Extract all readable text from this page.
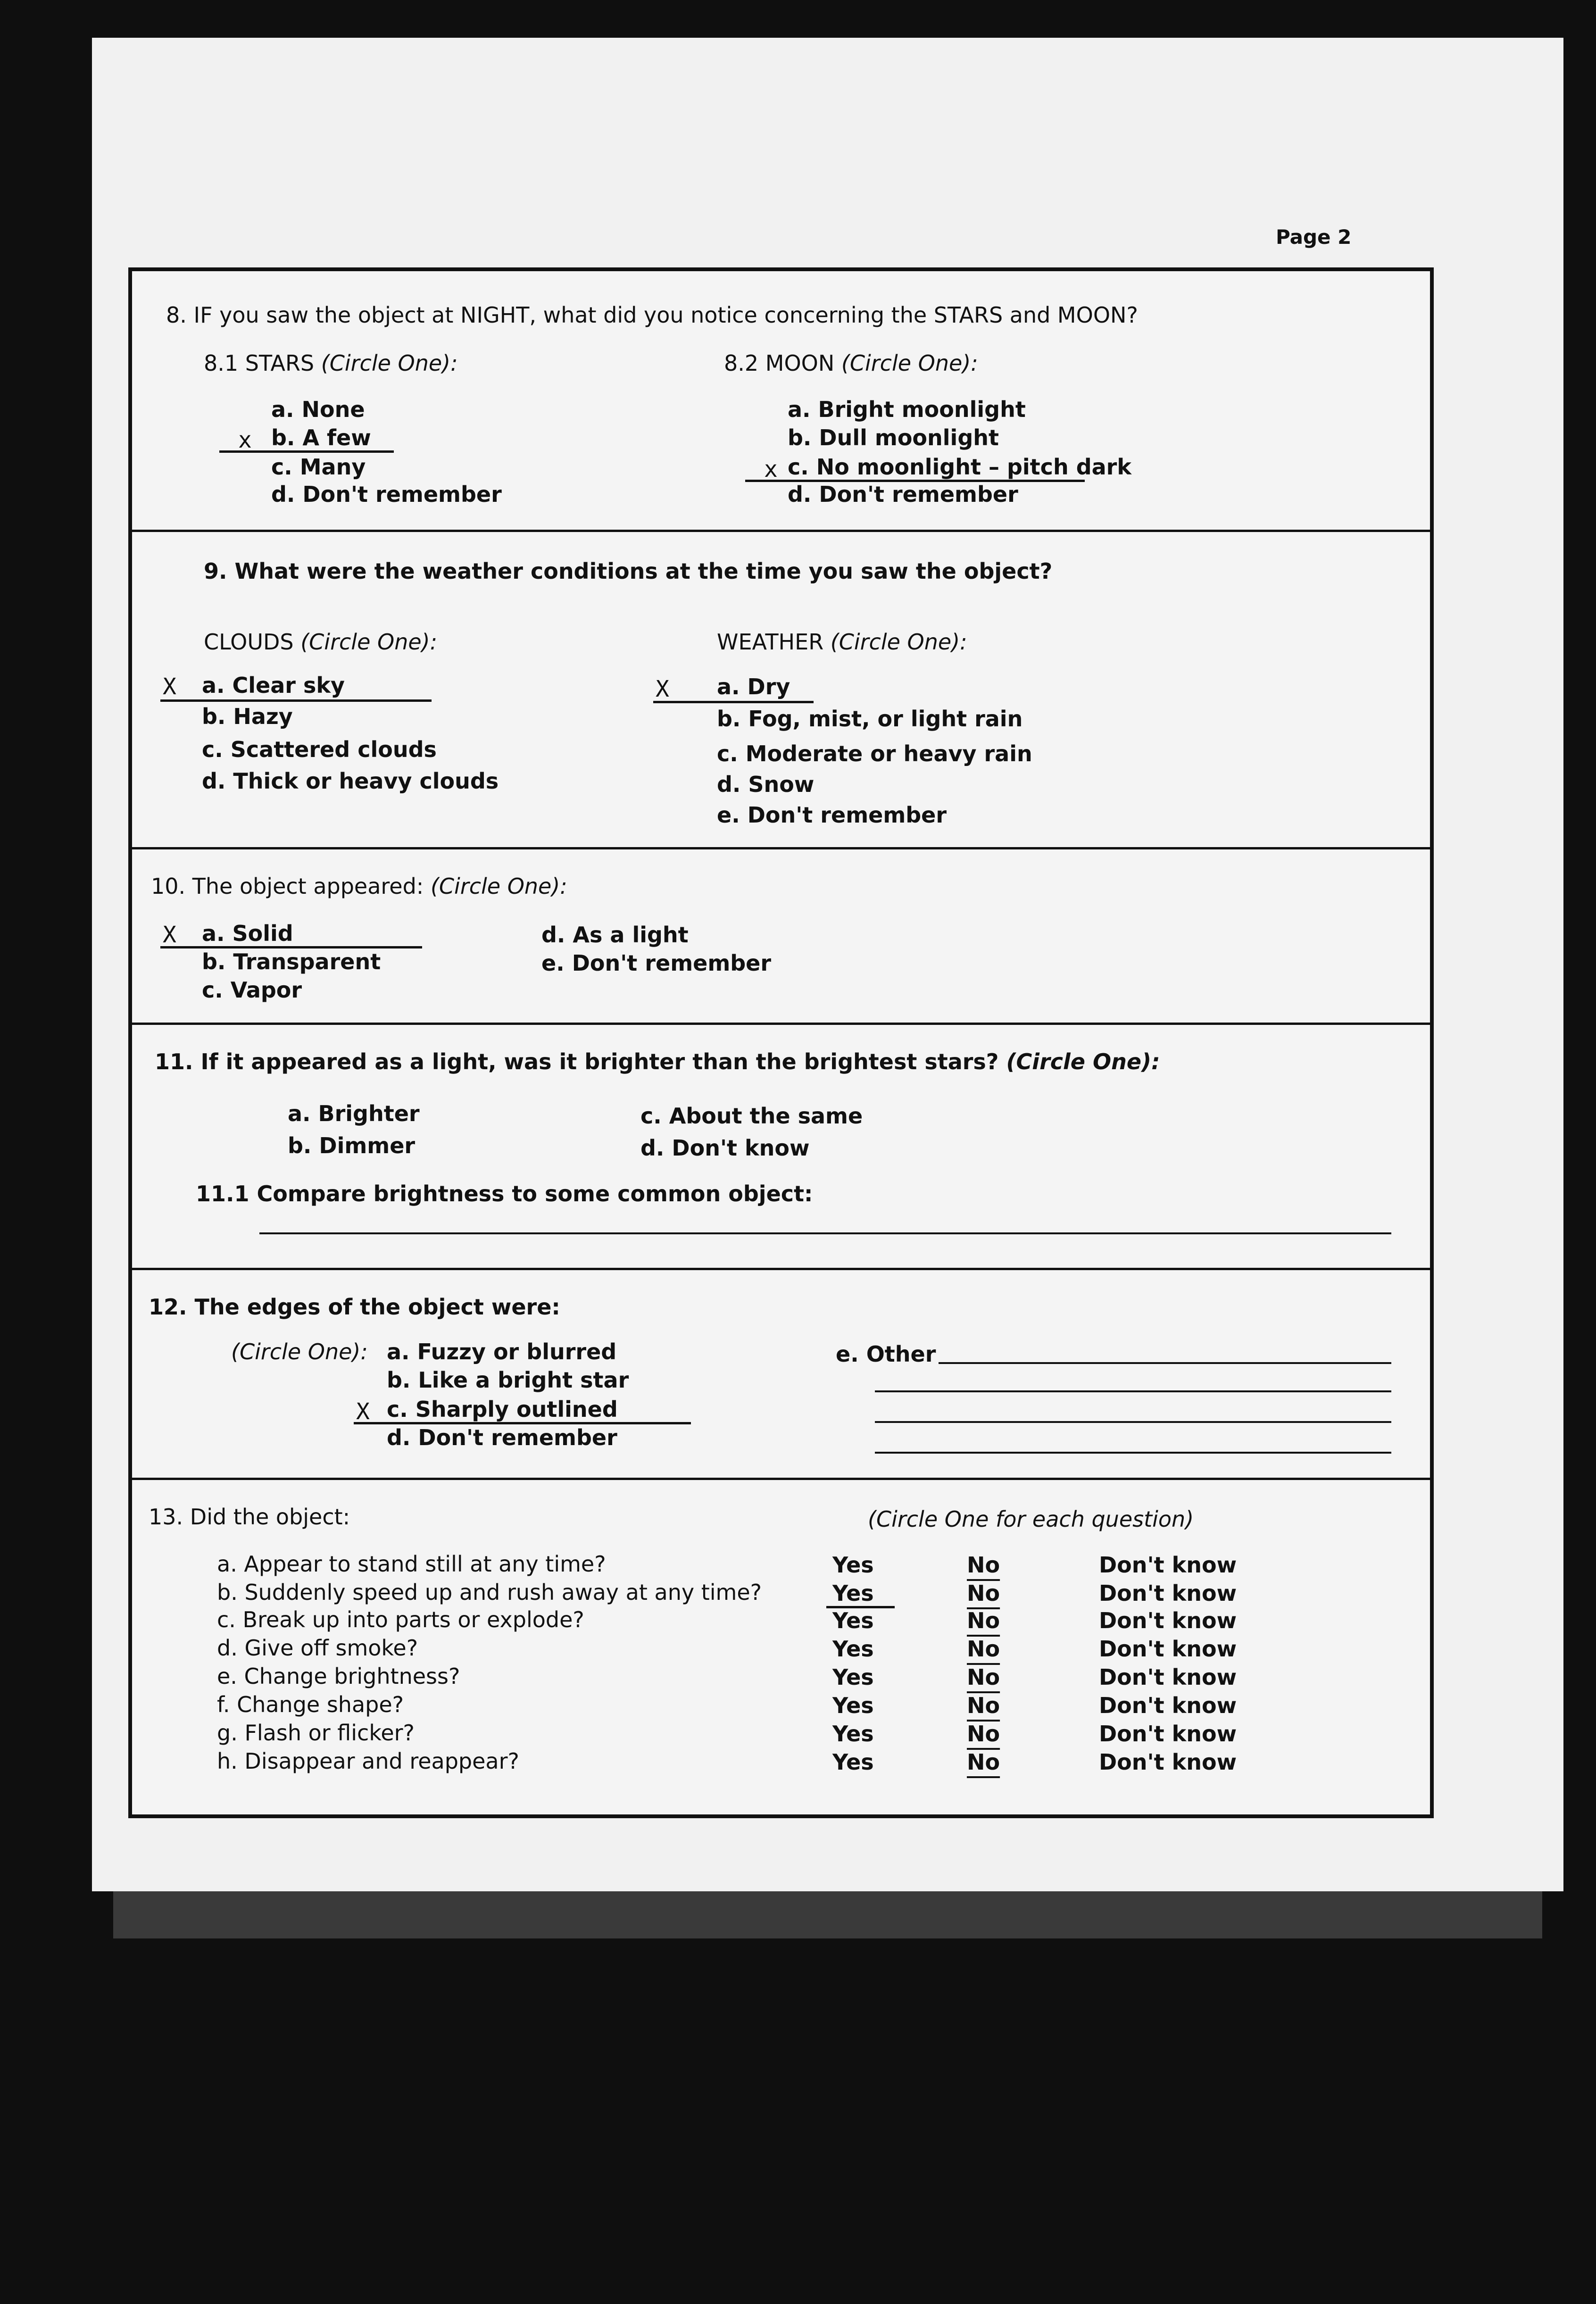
Page 2
8. IF you saw the object at NIGHT, what did you notice concerning the STARS and MOON?
8.1 STARS (Circle One):
a. None
b. A few
c. Many
d. Don't remember
x
8.2 MOON (Circle One):
a. Bright moonlight
b. Dull moonlight
c. No moonlight – pitch dark
d. Don't remember
x
9. What were the weather conditions at the time you saw the object?
CLOUDS (Circle One):
a. Clear sky
b. Hazy
c. Scattered clouds
d. Thick or heavy clouds
X
WEATHER (Circle One):
a. Dry
b. Fog, mist, or light rain
c. Moderate or heavy rain
d. Snow
e. Don't remember
X
10. The object appeared: (Circle One):
a. Solid
b. Transparent
c. Vapor
d. As a light
e. Don't remember
X
11. If it appeared as a light, was it brighter than the brightest stars? (Circle One):
a. Brighter
b. Dimmer
c. About the same
d. Don't know
11.1 Compare brightness to some common object:
12. The edges of the object were:
(Circle One): a. Fuzzy or blurred
b. Like a bright star
c. Sharply outlined
d. Don't remember
X
e. Other
13. Did the object:	(Circle One for each question)
a. Appear to stand still at any time?
b. Suddenly speed up and rush away at any time?
c. Break up into parts or explode?
d. Give off smoke?
e. Change brightness?
f. Change shape?
g. Flash or flicker?
h. Disappear and reappear?
Yes
Yes
Yes
Yes
Yes
Yes
Yes
Yes
No
No
No
No
No
No
No
No
Don't know
Don't know
Don't know
Don't know
Don't know
Don't know
Don't know
Don't know
